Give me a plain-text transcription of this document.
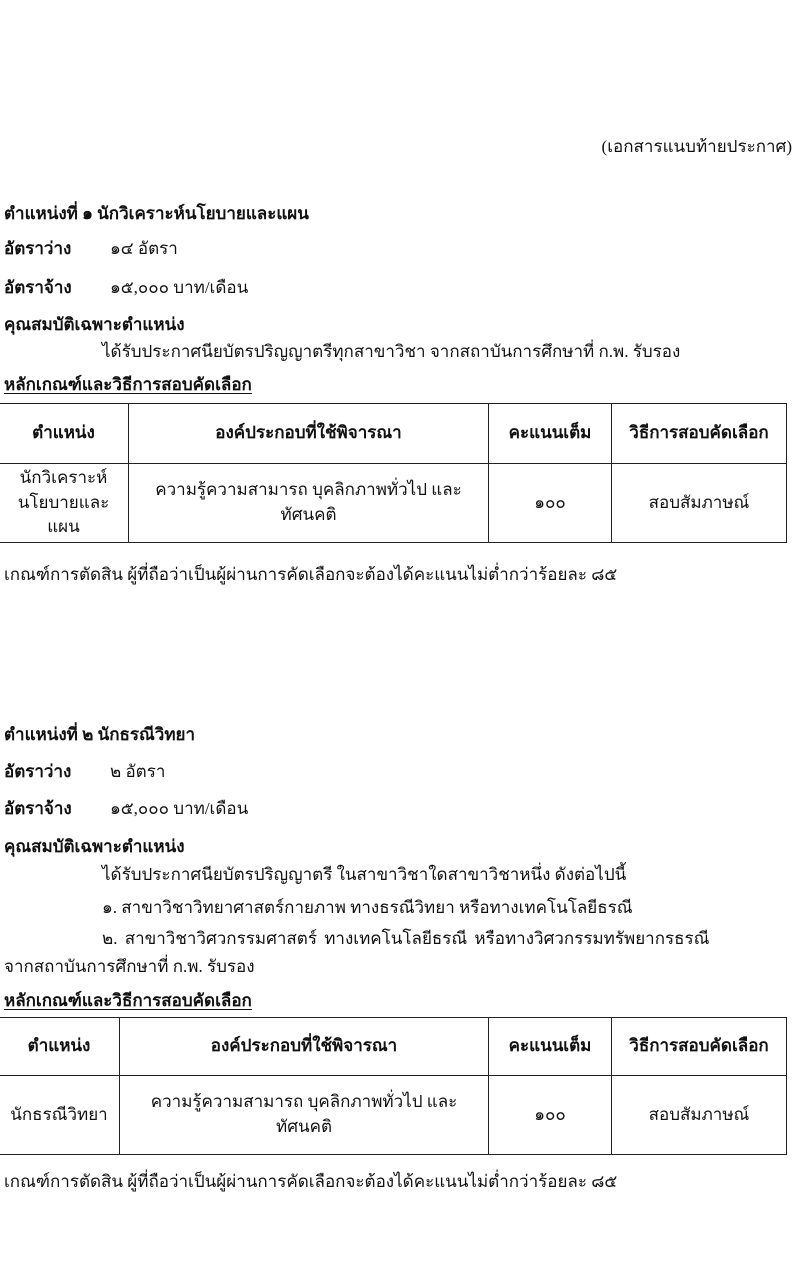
(เอกสารแนบท้ายประกาศ)
ตำแหน่งที่ ๑ นักวิเคราะห์นโยบายและแผน
อัตราว่าง ๑๔ อัตรา
อัตราจ้าง ๑๕,๐๐๐ บาท/เดือน
คุณสมบัติเฉพาะตำแหน่ง
ได้รับประกาศนียบัตรปริญญาตรีทุกสาขาวิชา จากสถาบันการศึกษาที่ ก.พ. รับรอง
หลักเกณฑ์และวิธีการสอบคัดเลือก
ตำแหน่ง	องค์ประกอบที่ใช้พิจารณา	คะแนนเต็ม	วิธีการสอบคัดเลือก

นักวิเคราะห์
นโยบายและแผน	ความรู้ความสามารถ บุคลิกภาพทั่วไป และทัศนคติ	๑๐๐	สอบสัมภาษณ์
เกณฑ์การตัดสิน ผู้ที่ถือว่าเป็นผู้ผ่านการคัดเลือกจะต้องได้คะแนนไม่ต่ำกว่าร้อยละ ๘๕
ตำแหน่งที่ ๒ นักธรณีวิทยา
อัตราว่าง ๒ อัตรา
อัตราจ้าง ๑๕,๐๐๐ บาท/เดือน
คุณสมบัติเฉพาะตำแหน่ง
ได้รับประกาศนียบัตรปริญญาตรี ในสาขาวิชาใดสาขาวิชาหนึ่ง ดังต่อไปนี้
๑. สาขาวิชาวิทยาศาสตร์กายภาพ ทางธรณีวิทยา หรือทางเทคโนโลยีธรณี
๒. สาขาวิชาวิศวกรรมศาสตร์ ทางเทคโนโลยีธรณี หรือทางวิศวกรรมทรัพยากรธรณี
จากสถาบันการศึกษาที่ ก.พ. รับรอง
หลักเกณฑ์และวิธีการสอบคัดเลือก
ตำแหน่ง	องค์ประกอบที่ใช้พิจารณา	คะแนนเต็ม	วิธีการสอบคัดเลือก

นักธรณีวิทยา	ความรู้ความสามารถ บุคลิกภาพทั่วไป และทัศนคติ	๑๐๐	สอบสัมภาษณ์
เกณฑ์การตัดสิน ผู้ที่ถือว่าเป็นผู้ผ่านการคัดเลือกจะต้องได้คะแนนไม่ต่ำกว่าร้อยละ ๘๕
